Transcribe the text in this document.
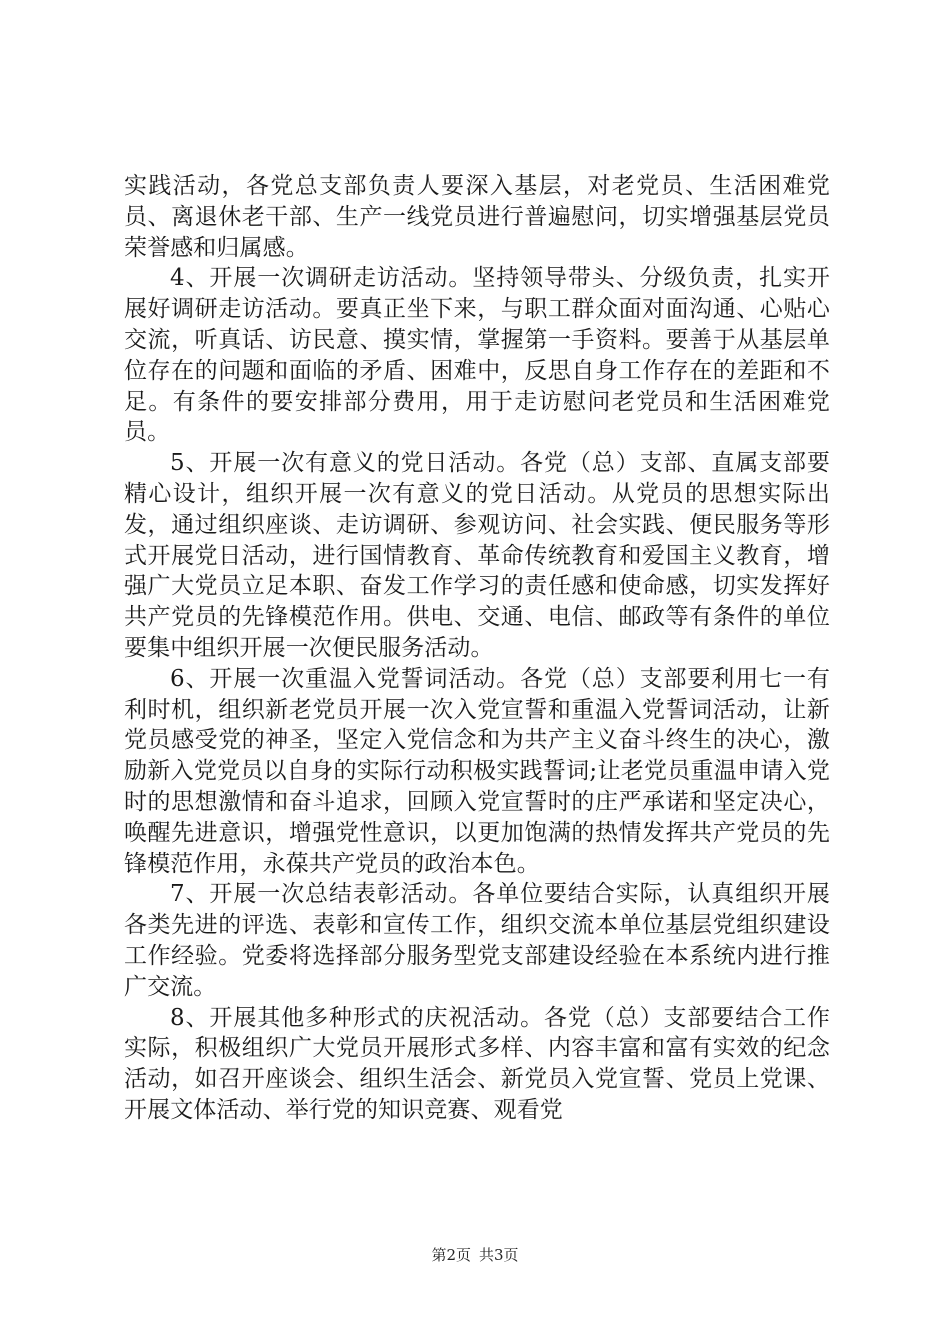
实践活动，各党总支部负责人要深入基层，对老党员、生活困难党员、离退休老干部、生产一线党员进行普遍慰问，切实增强基层党员荣誉感和归属感。

4、开展一次调研走访活动。坚持领导带头、分级负责，扎实开展好调研走访活动。要真正坐下来，与职工群众面对面沟通、心贴心交流，听真话、访民意、摸实情，掌握第一手资料。要善于从基层单位存在的问题和面临的矛盾、困难中，反思自身工作存在的差距和不足。有条件的要安排部分费用，用于走访慰问老党员和生活困难党员。

5、开展一次有意义的党日活动。各党（总）支部、直属支部要精心设计，组织开展一次有意义的党日活动。从党员的思想实际出发，通过组织座谈、走访调研、参观访问、社会实践、便民服务等形式开展党日活动，进行国情教育、革命传统教育和爱国主义教育，增强广大党员立足本职、奋发工作学习的责任感和使命感，切实发挥好共产党员的先锋模范作用。供电、交通、电信、邮政等有条件的单位要集中组织开展一次便民服务活动。

6、开展一次重温入党誓词活动。各党（总）支部要利用七一有利时机，组织新老党员开展一次入党宣誓和重温入党誓词活动，让新党员感受党的神圣，坚定入党信念和为共产主义奋斗终生的决心，激励新入党党员以自身的实际行动积极实践誓词;让老党员重温申请入党时的思想激情和奋斗追求，回顾入党宣誓时的庄严承诺和坚定决心，唤醒先进意识，增强党性意识，以更加饱满的热情发挥共产党员的先锋模范作用，永葆共产党员的政治本色。

7、开展一次总结表彰活动。各单位要结合实际，认真组织开展各类先进的评选、表彰和宣传工作，组织交流本单位基层党组织建设工作经验。党委将选择部分服务型党支部建设经验在本系统内进行推广交流。

8、开展其他多种形式的庆祝活动。各党（总）支部要结合工作实际，积极组织广大党员开展形式多样、内容丰富和富有实效的纪念活动，如召开座谈会、组织生活会、新党员入党宣誓、党员上党课、开展文体活动、举行党的知识竞赛、观看党

第2页 共3页
